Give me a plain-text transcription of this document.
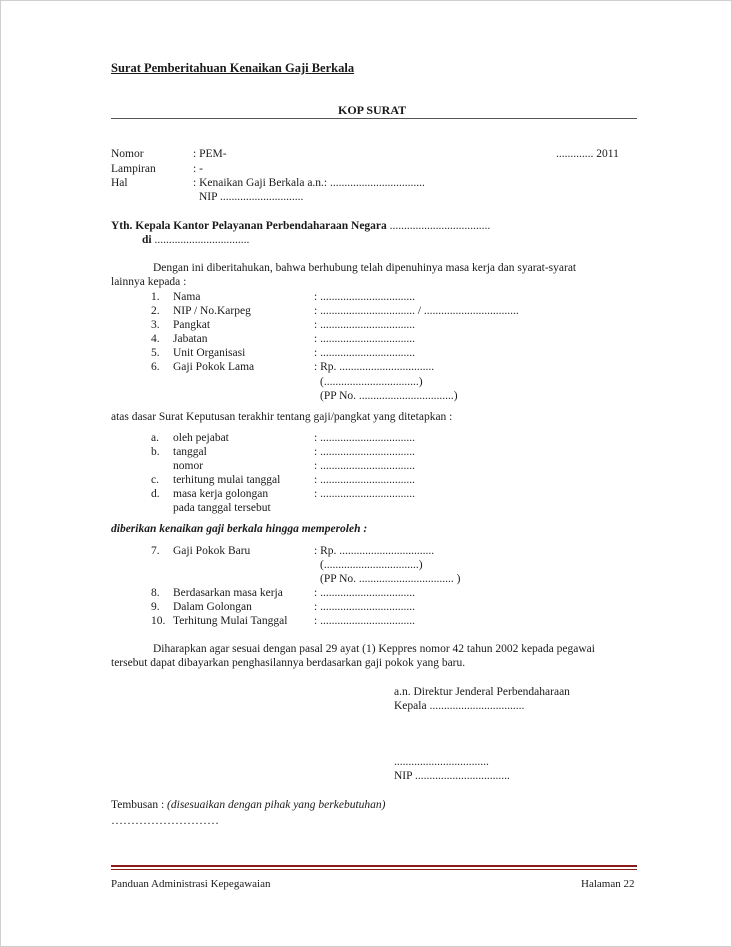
Surat Pemberitahuan Kenaikan Gaji Berkala
KOP SURAT
Nomor	: PEM-	............. 2011
Lampiran	: -
Hal	: Kenaikan Gaji Berkala a.n.: .................................
NIP .............................
Yth. Kepala Kantor Pelayanan Perbendaharaan Negara ...................................
di .................................
Dengan ini diberitahukan, bahwa berhubung telah dipenuhinya masa kerja dan syarat-syarat
lainnya kepada :
1. Nama	: .................................
2. NIP / No.Karpeg	: ................................. / .................................
3. Pangkat	: .................................
4. Jabatan	: .................................
5. Unit Organisasi	: .................................
6. Gaji Pokok Lama	: Rp. .................................
(.................................)
(PP No. .................................)
atas dasar Surat Keputusan terakhir tentang gaji/pangkat yang ditetapkan :
a. oleh pejabat	: .................................
b. tanggal	: .................................
nomor	: .................................
c. terhitung mulai tanggal	: .................................
d. masa kerja golongan	: .................................
pada tanggal tersebut
diberikan kenaikan gaji berkala hingga memperoleh :
7. Gaji Pokok Baru	: Rp. .................................
(.................................)
(PP No. ................................. )
8. Berdasarkan masa kerja	: .................................
9. Dalam Golongan	: .................................
10. Terhitung Mulai Tanggal : .................................
Diharapkan agar sesuai dengan pasal 29 ayat (1) Keppres nomor 42 tahun 2002 kepada pegawai
tersebut dapat dibayarkan penghasilannya berdasarkan gaji pokok yang baru.
a.n. Direktur Jenderal Perbendaharaan
Kepala .................................
.................................
NIP .................................
Tembusan : (disesuaikan dengan pihak yang berkebutuhan)
………………………
Panduan Administrasi Kepegawaian	Halaman 22
